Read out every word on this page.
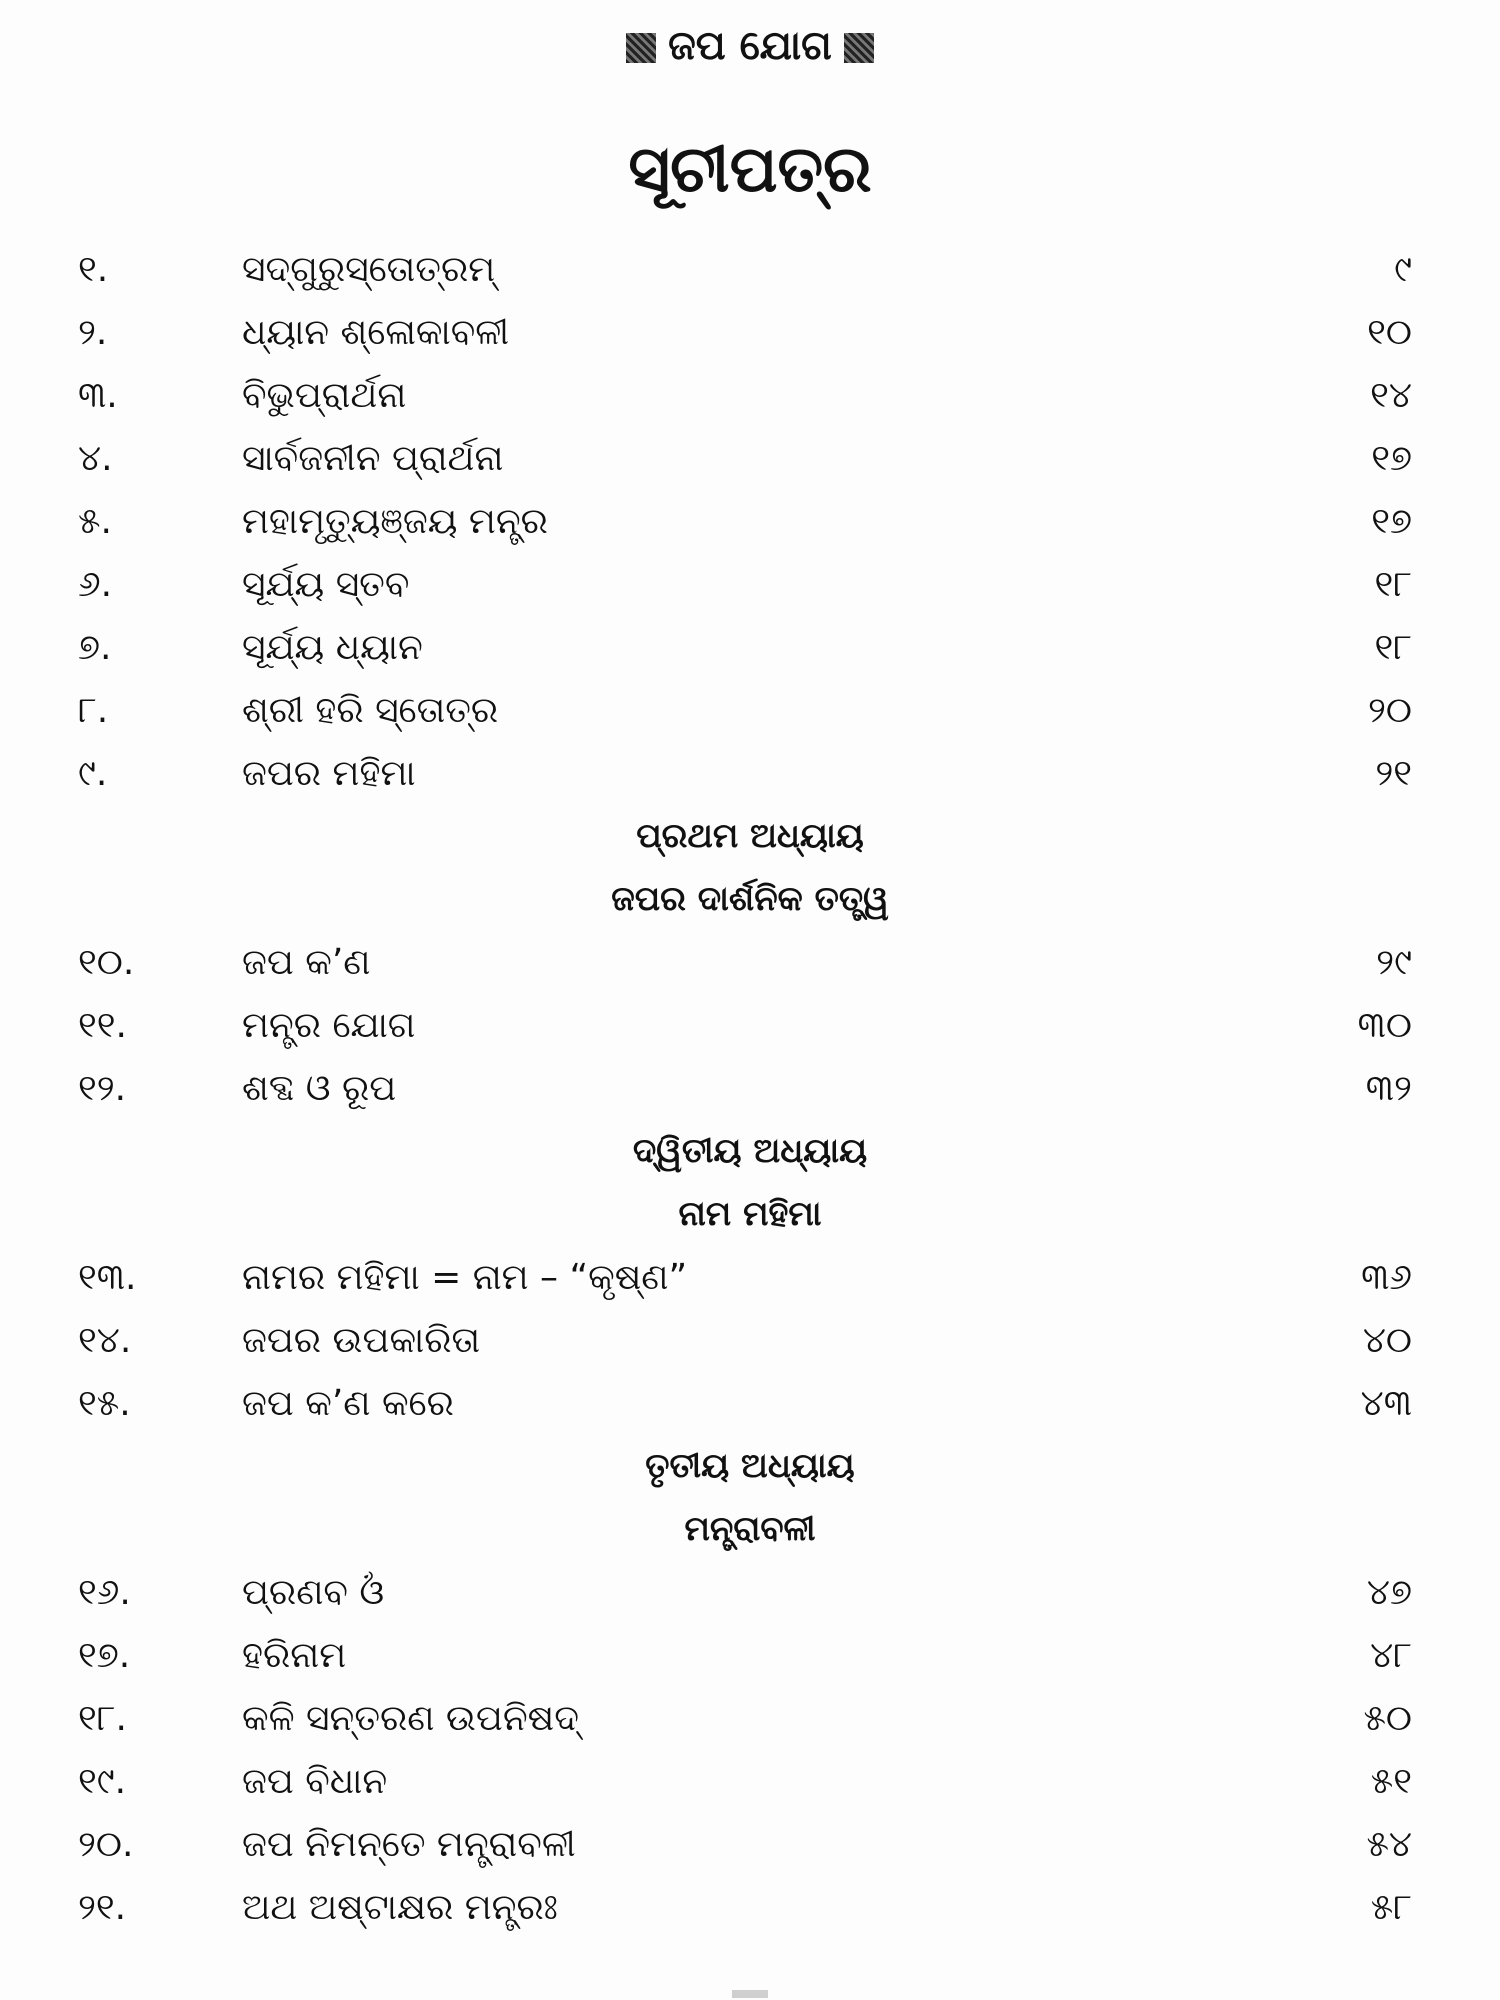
ଜପ ଯୋଗ
ସୂଚୀପତ୍ର
୧.	ସଦ୍‌ଗୁରୁସ୍ତୋତ୍ରମ୍	୯
୨.	ଧ୍ୟାନ ଶ୍ଳୋକାବଳୀ	୧୦
୩.	ବିଭୁପ୍ରାର୍ଥନା	୧୪
୪.	ସାର୍ବଜନୀନ ପ୍ରାର୍ଥନା	୧୭
୫.	ମହାମୃତ୍ୟୁଞ୍ଜୟ ମନ୍ତ୍ର	୧୭
୬.	ସୂର୍ଯ୍ୟ ସ୍ତବ	୧୮
୭.	ସୂର୍ଯ୍ୟ ଧ୍ୟାନ	୧୮
୮.	ଶ୍ରୀ ହରି ସ୍ତୋତ୍ର	୨୦
୯.	ଜପର ମହିମା	୨୧
ପ୍ରଥମ ଅଧ୍ୟାୟ
ଜପର ଦାର୍ଶନିକ ତତ୍ତ୍ୱ
୧୦.	ଜପ କ’ଣ	୨୯
୧୧.	ମନ୍ତ୍ର ଯୋଗ	୩୦
୧୨.	ଶବ୍ଦ ଓ ରୂପ	୩୨
ଦ୍ୱିତୀୟ ଅଧ୍ୟାୟ
ନାମ ମହିମା
୧୩.	ନାମର ମହିମା = ନାମ – “କୃଷ୍ଣ”	୩୬
୧୪.	ଜପର ଉପକାରିତା	୪୦
୧୫.	ଜପ କ’ଣ କରେ	୪୩
ତୃତୀୟ ଅଧ୍ୟାୟ
ମନ୍ତ୍ରାବଳୀ
୧୬.	ପ୍ରଣବ ଓଁ	୪୭
୧୭.	ହରିନାମ	୪୮
୧୮.	କଳି ସନ୍ତରଣ ଉପନିଷଦ୍	୫୦
୧୯.	ଜପ ବିଧାନ	୫୧
୨୦.	ଜପ ନିମନ୍ତେ ମନ୍ତ୍ରାବଳୀ	୫୪
୨୧.	ଅଥ ଅଷ୍ଟାକ୍ଷର ମନ୍ତ୍ରଃ	୫୮
